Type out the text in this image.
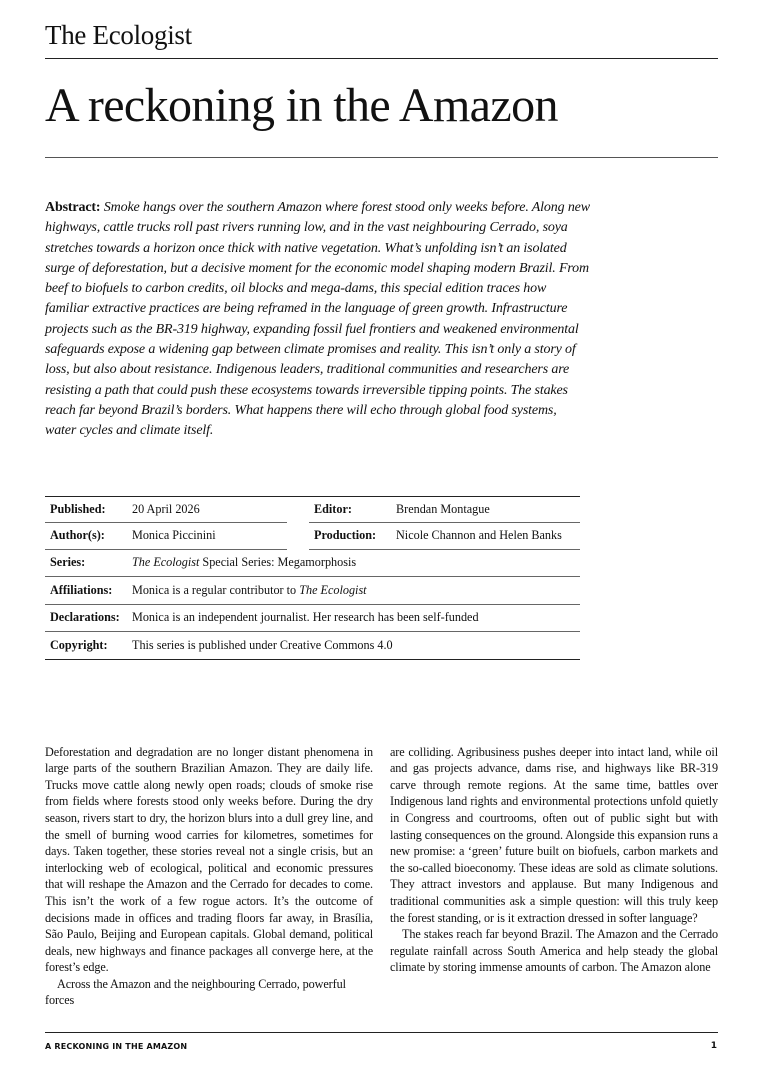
The Ecologist
A reckoning in the Amazon
Abstract: Smoke hangs over the southern Amazon where forest stood only weeks before. Along new highways, cattle trucks roll past rivers running low, and in the vast neighbouring Cerrado, soya stretches towards a horizon once thick with native vegetation. What’s unfolding isn’t an isolated surge of deforestation, but a decisive moment for the economic model shaping modern Brazil. From beef to biofuels to carbon credits, oil blocks and mega-dams, this special edition traces how familiar extractive practices are being reframed in the language of green growth. Infrastructure projects such as the BR-319 highway, expanding fossil fuel frontiers and weakened environmental safeguards expose a widening gap between climate promises and reality. This isn’t only a story of loss, but also about resistance. Indigenous leaders, traditional communities and researchers are resisting a path that could push these ecosystems towards irreversible tipping points. The stakes reach far beyond Brazil’s borders. What happens there will echo through global food systems, water cycles and climate itself.
Published:	20 April 2026	Editor:	Brendan Montague
Author(s):	Monica Piccinini	Production:	Nicole Channon and Helen Banks
Series:	The Ecologist Special Series: Megamorphosis
Affiliations:	Monica is a regular contributor to The Ecologist
Declarations:	Monica is an independent journalist. Her research has been self-funded
Copyright:	This series is published under Creative Commons 4.0

Deforestation and degradation are no longer distant phenomena in large parts of the southern Brazilian Amazon. They are daily life. Trucks move cattle along newly open roads; clouds of smoke rise from fields where forests stood only weeks before. During the dry season, rivers start to dry, the horizon blurs into a dull grey line, and the smell of burning wood carries for kilometres, sometimes for days. Taken together, these stories reveal not a single crisis, but an interlocking web of ecological, political and economic pressures that will reshape the Amazon and the Cerrado for decades to come. This isn’t the work of a few rogue actors. It’s the outcome of decisions made in offices and trading floors far away, in Brasília, São Paulo, Beijing and European capitals. Global demand, political deals, new highways and finance packages all converge here, at the forest’s edge.

Across the Amazon and the neighbouring Cerrado, powerful forces

are colliding. Agribusiness pushes deeper into intact land, while oil and gas projects advance, dams rise, and highways like BR-319 carve through remote regions. At the same time, battles over Indigenous land rights and environmental protections unfold quietly in Congress and courtrooms, often out of public sight but with lasting consequences on the ground. Alongside this expansion runs a new promise: a ‘green’ future built on biofuels, carbon markets and the so-called bioeconomy. These ideas are sold as climate solutions. They attract investors and applause. But many Indigenous and traditional communities ask a simple question: will this truly keep the forest standing, or is it extraction dressed in softer language?

The stakes reach far beyond Brazil. The Amazon and the Cerrado regulate rainfall across South America and help steady the global climate by storing immense amounts of carbon. The Amazon alone

A RECKONING IN THE AMAZON	1
